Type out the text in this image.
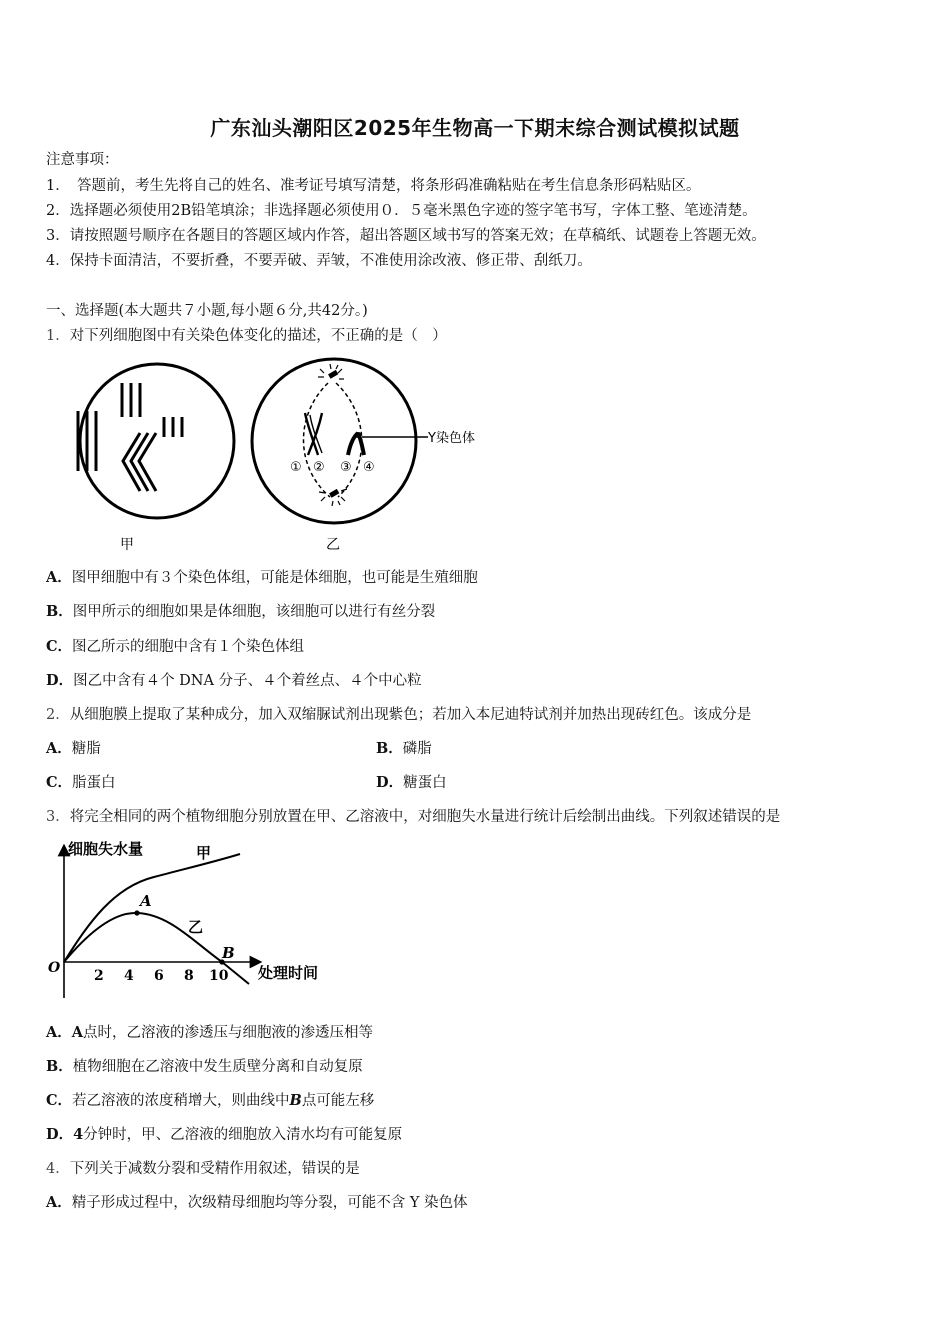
广东汕头潮阳区2025年生物高一下期末综合测试模拟试题
注意事项：
1．　答题前，考生先将自己的姓名、准考证号填写清楚，将条形码准确粘贴在考生信息条形码粘贴区。
2．选择题必须使用2B铅笔填涂；非选择题必须使用０．５毫米黑色字迹的签字笔书写，字体工整、笔迹清楚。
3．请按照题号顺序在各题目的答题区域内作答，超出答题区域书写的答案无效；在草稿纸、试题卷上答题无效。
4．保持卡面清洁，不要折叠，不要弄破、弄皱，不准使用涂改液、修正带、刮纸刀。
一、选择题(本大题共７小题,每小题６分,共42分。)
1．对下列细胞图中有关染色体变化的描述，不正确的是（　）
甲
Y染色体
① ② ③ ④
乙
A．图甲细胞中有３个染色体组，可能是体细胞，也可能是生殖细胞
B．图甲所示的细胞如果是体细胞，该细胞可以进行有丝分裂
C．图乙所示的细胞中含有１个染色体组
D．图乙中含有４个 DNA 分子、４个着丝点、４个中心粒
2．从细胞膜上提取了某种成分，加入双缩脲试剂出现紫色；若加入本尼迪特试剂并加热出现砖红色。该成分是
A．糖脂	B．磷脂
C．脂蛋白	D．糖蛋白
3．将完全相同的两个植物细胞分别放置在甲、乙溶液中，对细胞失水量进行统计后绘制出曲线。下列叙述错误的是
细胞失水量
处理时间
O 2 4 6 8 10
甲
乙
A
B
A．A点时，乙溶液的渗透压与细胞液的渗透压相等
B．植物细胞在乙溶液中发生质壁分离和自动复原
C．若乙溶液的浓度稍增大，则曲线中B点可能左移
D．4分钟时，甲、乙溶液的细胞放入清水均有可能复原
4．下列关于减数分裂和受精作用叙述，错误的是
A．精子形成过程中，次级精母细胞均等分裂，可能不含 Y 染色体
